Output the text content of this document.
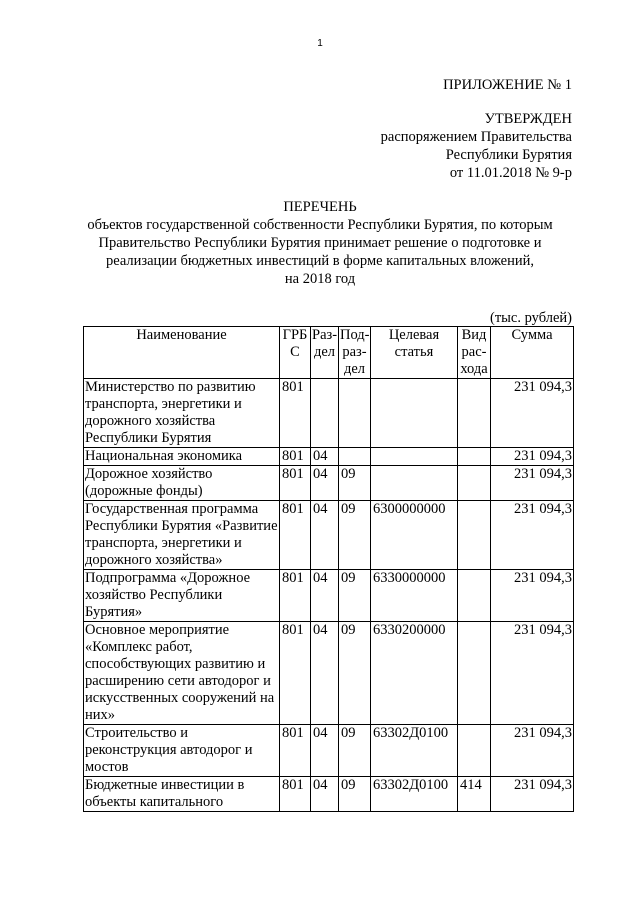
1
ПРИЛОЖЕНИЕ № 1
УТВЕРЖДЕН
распоряжением Правительства
Республики Бурятия
от 11.01.2018 № 9-р
ПЕРЕЧЕНЬ
объектов государственной собственности Республики Бурятия, по которым
Правительство Республики Бурятия принимает решение о подготовке и
реализации бюджетных инвестиций в форме капитальных вложений,
на 2018 год
(тыс. рублей)
Наименование	ГРБ С	Раз-дел	Под-раз-дел	Целевая статья	Вид рас-хода	Сумма
Министерство по развитию транспорта, энергетики и дорожного хозяйства Республики Бурятия	801					231 094,3
Национальная экономика	801	04				231 094,3
Дорожное хозяйство (дорожные фонды)	801	04	09			231 094,3
Государственная программа Республики Бурятия «Развитие транспорта, энергетики и дорожного хозяйства»	801	04	09	6300000000		231 094,3
Подпрограмма «Дорожное хозяйство Республики Бурятия»	801	04	09	6330000000		231 094,3
Основное мероприятие «Комплекс работ, способствующих развитию и расширению сети автодорог и искусственных сооружений на них»	801	04	09	6330200000		231 094,3
Строительство и реконструкция автодорог и мостов	801	04	09	63302Д0100		231 094,3
Бюджетные инвестиции в объекты капитального	801	04	09	63302Д0100	414	231 094,3
